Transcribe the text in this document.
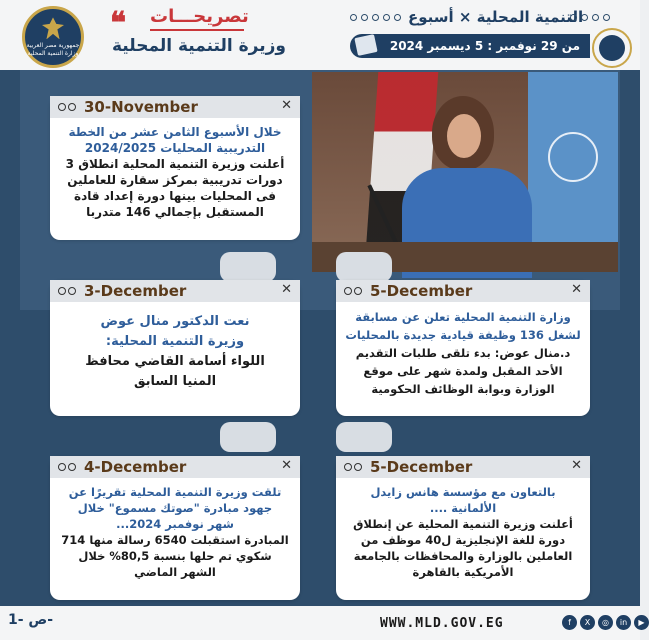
جمهورية مصر العربية
وزارة التنمية المحلية
❝ تصريحـــات
وزيرة التنمية المحلية
التنمية المحلية × أسبوع
من 29 نوفمبر : 5 ديسمبر 2024
30-November	✕
خلال الأسبوع الثامن عشر من الخطة
التدريبية المحليات 2024/2025
أعلنت وزيرة التنمية المحلية انطلاق 3
دورات تدريبية بمركز سقارة للعاملين
فى المحليات بينها دورة إعداد قادة
المستقبل بإجمالي 146 متدربا
3-December	✕
نعت الدكتور منال عوض
وزيرة التنمية المحلية:
اللواء أسامة القاضي محافظ
المنيا السابق
5-December	✕
وزارة التنمية المحلية تعلن عن مسابقة
لشغل 136 وظيفة قيادية جديدة بالمحليات
د.منال عوض: بدء تلقى طلبات التقديم
الأحد المقبل ولمدة شهر على موقع
الوزارة وبوابة الوظائف الحكومية
4-December	✕
تلقت وزيرة التنمية المحلية تقريرًا عن
جهود مبادرة "صوتك مسموع" خلال
شهر نوفمبر 2024...
المبادرة استقبلت 6540 رسالة منها 714
شكوي تم حلها بنسبة 80,5% خلال
الشهر الماضي
5-December	✕
بالتعاون مع مؤسسة هانس زايدل
الألمانية ....
أعلنت وزيرة التنمية المحلية عن إنطلاق
دورة للغة الإنجليزية ل40 موظف من
العاملين بالوزارة والمحافظات بالجامعة
الأمريكية بالقاهرة
ص -1-	WWW.MLD.GOV.EG	f	X	◎	in	▶
